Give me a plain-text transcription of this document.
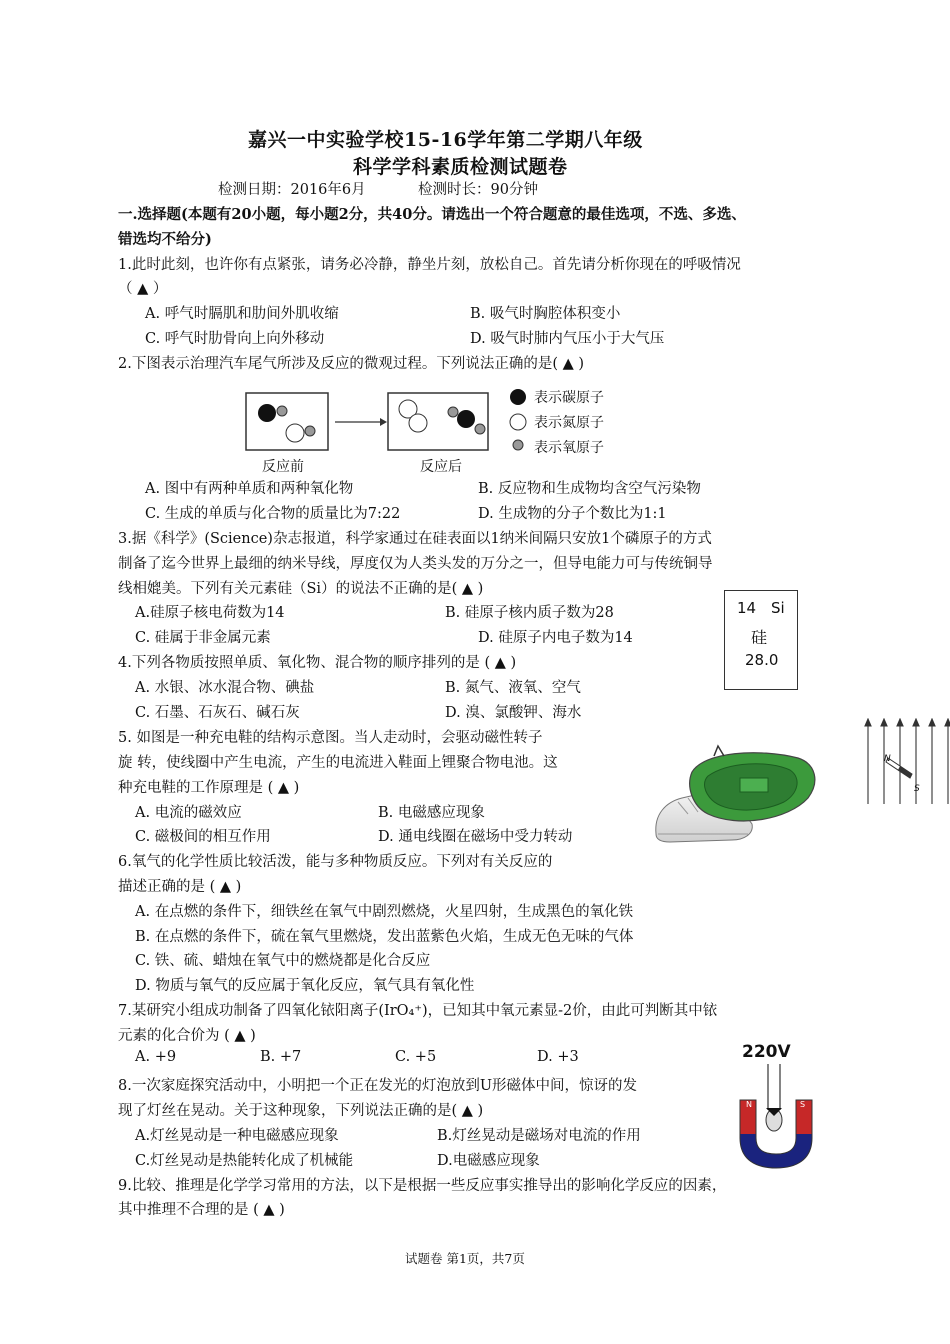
嘉兴一中实验学校15-16学年第二学期八年级
科学学科素质检测试题卷
检测日期：2016年6月	检测时长：90分钟
一.选择题(本题有20小题，每小题2分，共40分。请选出一个符合题意的最佳选项，不选、多选、
错选均不给分)
1.此时此刻，也许你有点紧张，请务必冷静，静坐片刻，放松自己。首先请分析你现在的呼吸情况
（ ▲ ）
A. 呼气时膈肌和肋间外肌收缩	B. 吸气时胸腔体积变小
C. 呼气时肋骨向上向外移动	D. 吸气时肺内气压小于大气压
2.下图表示治理汽车尾气所涉及反应的微观过程。下列说法正确的是( ▲ )
反应前	反应后
表示碳原子
表示氮原子
表示氧原子
A. 图中有两种单质和两种氧化物	B. 反应物和生成物均含空气污染物
C. 生成的单质与化合物的质量比为7:22	D. 生成物的分子个数比为1:1
3.据《科学》(Science)杂志报道，科学家通过在硅表面以1纳米间隔只安放1个磷原子的方式
制备了迄今世界上最细的纳米导线，厚度仅为人类头发的万分之一，但导电能力可与传统铜导
线相媲美。下列有关元素硅（Si）的说法不正确的是( ▲ )
A.硅原子核电荷数为14	B. 硅原子核内质子数为28
C. 硅属于非金属元素	D. 硅原子内电子数为14
14 Si
硅
28.0
4.下列各物质按照单质、氧化物、混合物的顺序排列的是 ( ▲ )
A. 水银、冰水混合物、碘盐	B. 氮气、液氧、空气
C. 石墨、石灰石、碱石灰	D. 溴、氯酸钾、海水
5. 如图是一种充电鞋的结构示意图。当人走动时，会驱动磁性转子
旋 转，使线圈中产生电流，产生的电流进入鞋面上锂聚合物电池。这
种充电鞋的工作原理是 ( ▲ )
A. 电流的磁效应	B. 电磁感应现象
C. 磁极间的相互作用	D. 通电线圈在磁场中受力转动
N
S
6.氧气的化学性质比较活泼，能与多种物质反应。下列对有关反应的
描述正确的是 ( ▲ )
A. 在点燃的条件下，细铁丝在氧气中剧烈燃烧，火星四射，生成黑色的氧化铁
B. 在点燃的条件下，硫在氧气里燃烧，发出蓝紫色火焰，生成无色无味的气体
C. 铁、硫、蜡烛在氧气中的燃烧都是化合反应
D. 物质与氧气的反应属于氧化反应，氧气具有氧化性
7.某研究小组成功制备了四氧化铱阳离子(IrO₄⁺)，已知其中氧元素显-2价，由此可判断其中铱
元素的化合价为 ( ▲ )
A. +9	B. +7	C. +5	D. +3
8.一次家庭探究活动中，小明把一个正在发光的灯泡放到U形磁体中间，惊讶的发
现了灯丝在晃动。关于这种现象，下列说法正确的是( ▲ )
A.灯丝晃动是一种电磁感应现象	B.灯丝晃动是磁场对电流的作用
C.灯丝晃动是热能转化成了机械能	D.电磁感应现象
220V
N	S
9.比较、推理是化学学习常用的方法，以下是根据一些反应事实推导出的影响化学反应的因素，
其中推理不合理的是 ( ▲ )
试题卷 第1页，共7页
